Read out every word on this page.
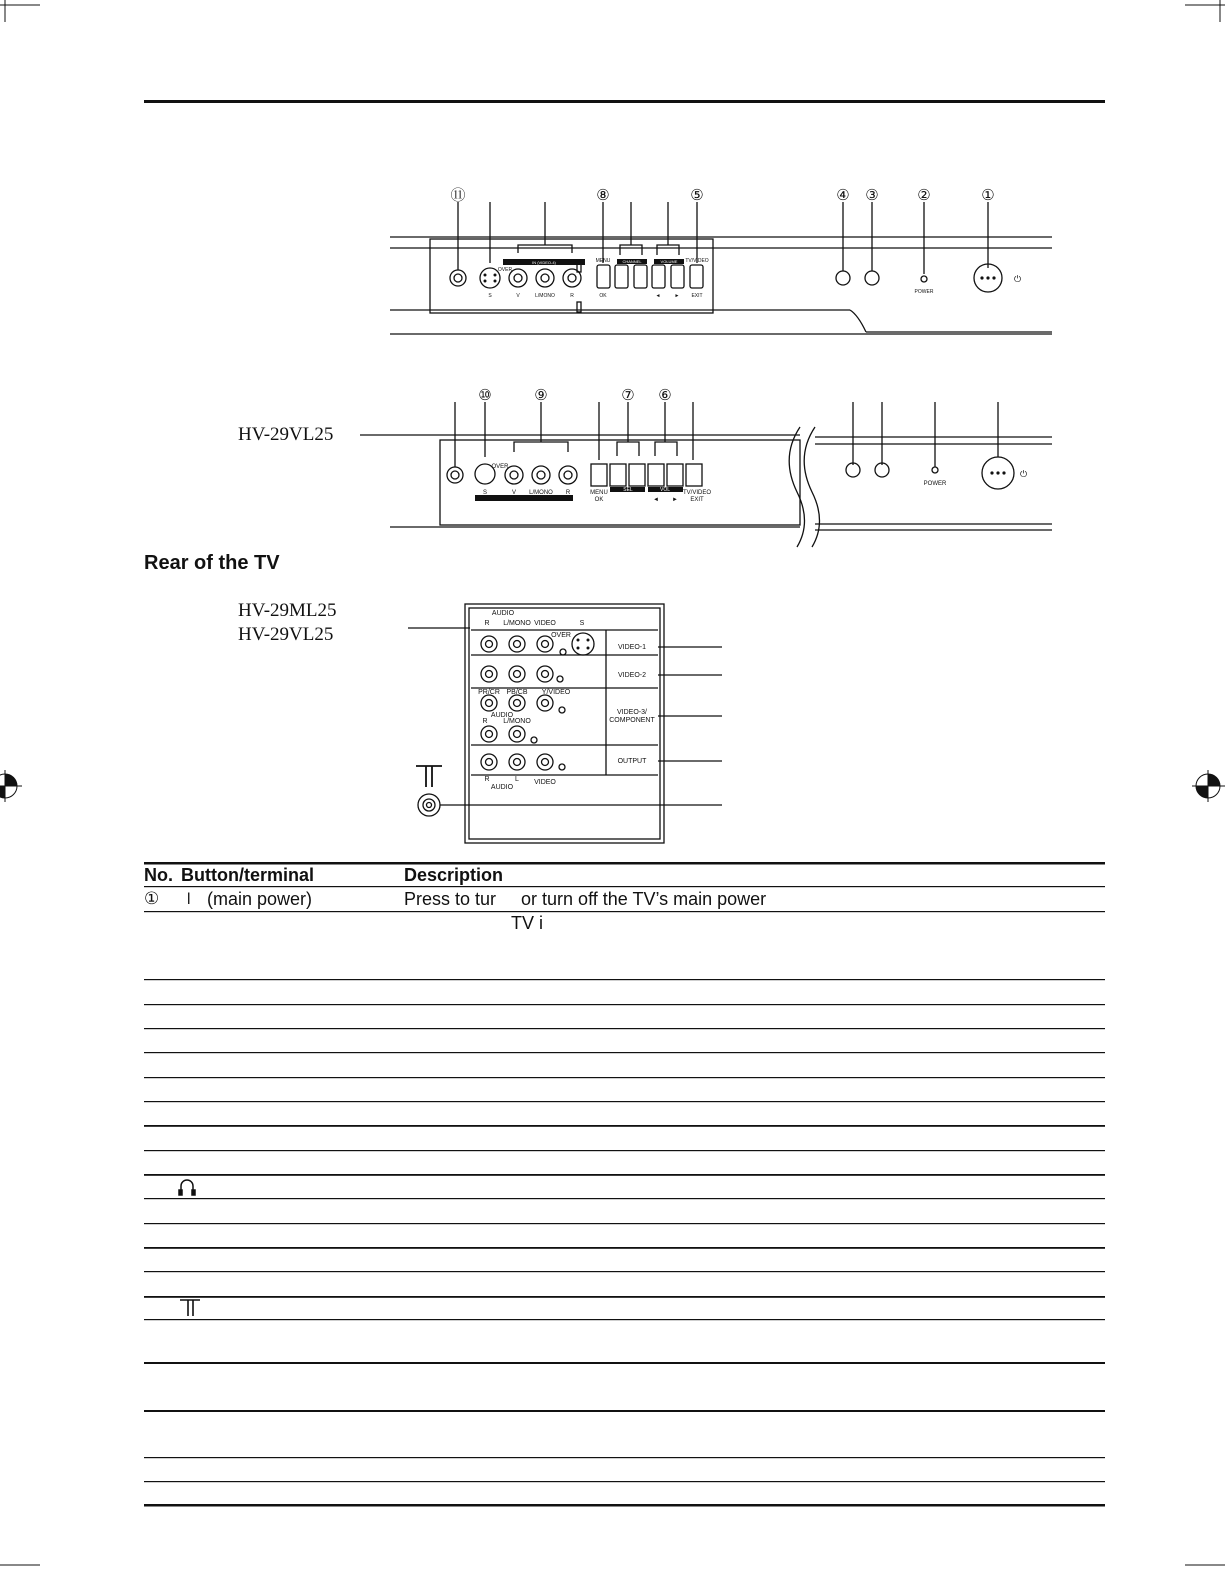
⑪	⑧	⑤	④ ③	②	①
S	V	L/MONO	R
MENU
OK
TV/VIDEO
EXIT
◄	►
POWER
OVER
IN (VIDEO-4)	CHANNEL	VOLUME
⏻
HV-29VL25
⑩	⑨	⑦ ⑥
S	V L/MONO R	MENU
OK
TV/VIDEO
EXIT
◄ ►
POWER
OVER
SEL	VOL
⏻
Rear of the TV
HV-29ML25
HV-29VL25
AUDIO
R L/MONO VIDEO	S
OVER
PR/CR PB/CB Y/VIDEO
AUDIO
R L/MONO
R
AUDIO
L VIDEO
VIDEO-1
VIDEO-2
VIDEO-3/
COMPONENT
OUTPUT
No. Button/terminal	Description
① ⏽ (main power)	Press to tur     or turn off the TV’s main power
TV i
